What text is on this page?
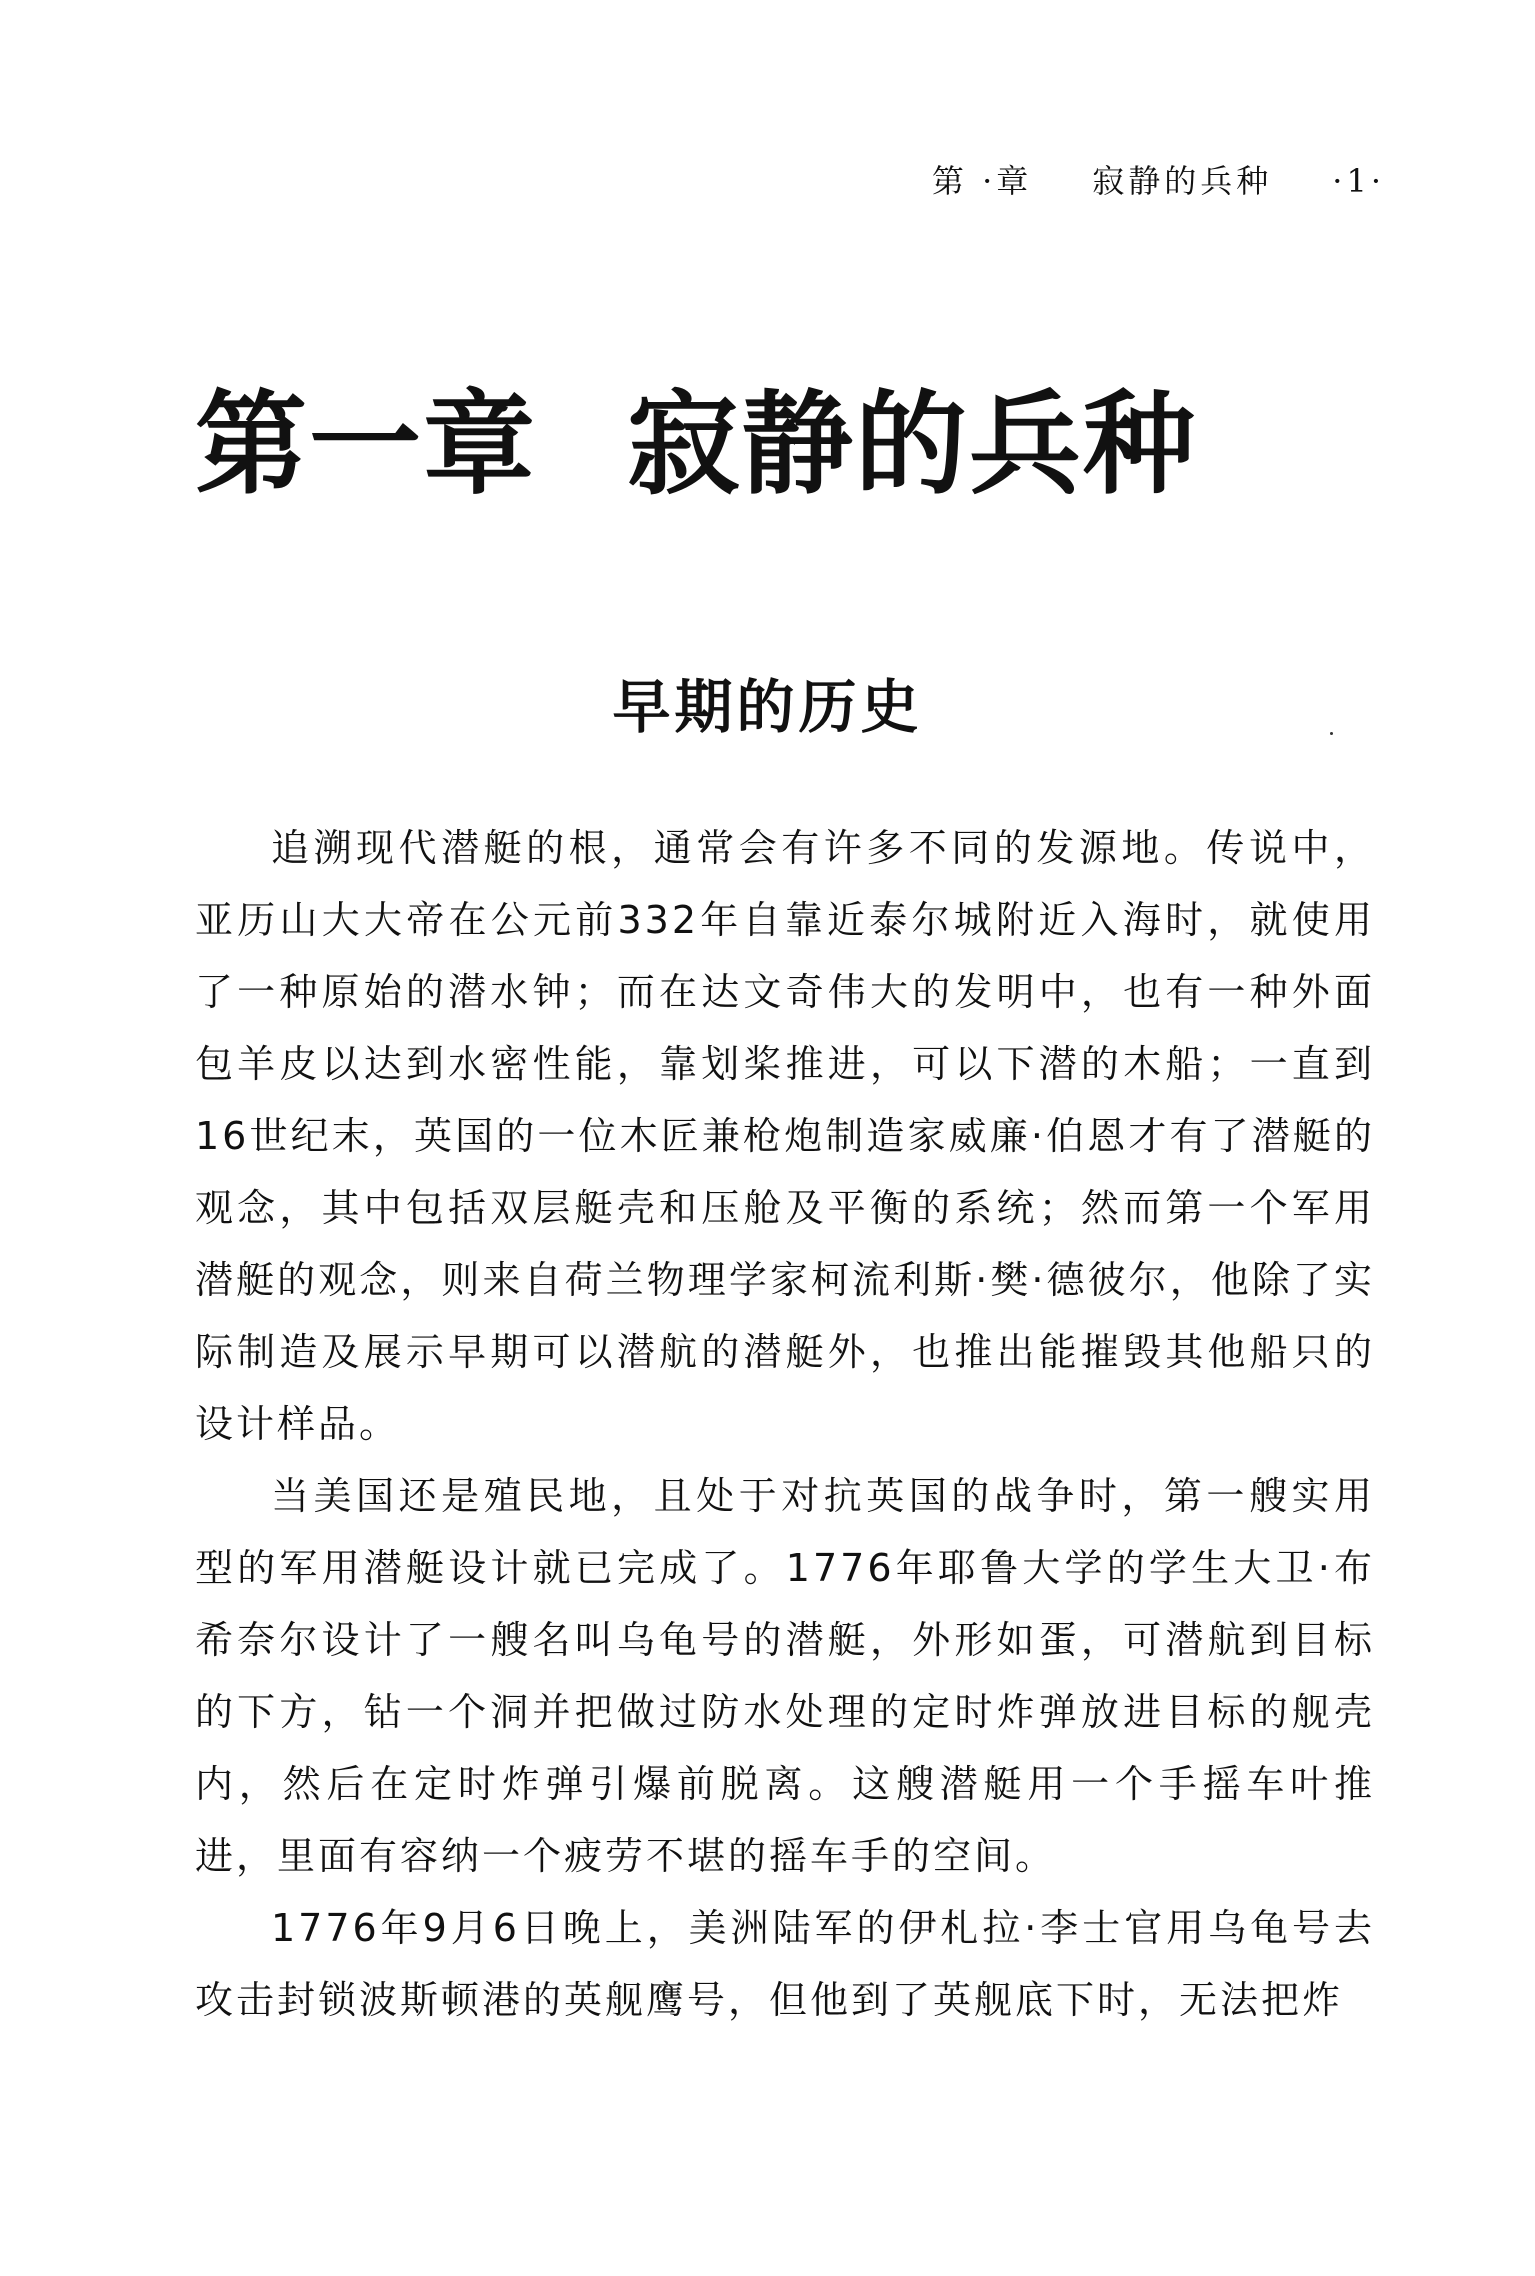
第 ·章 寂静的兵种 ·1·
第一章 寂静的兵种
早期的历史

追溯现代潜艇的根，通常会有许多不同的发源地。传说中，亚历山大大帝在公元前332年自靠近泰尔城附近入海时，就使用了一种原始的潜水钟；而在达文奇伟大的发明中，也有一种外面包羊皮以达到水密性能，靠划桨推进，可以下潜的木船；一直到16世纪末，英国的一位木匠兼枪炮制造家威廉·伯恩才有了潜艇的观念，其中包括双层艇壳和压舱及平衡的系统；然而第一个军用潜艇的观念，则来自荷兰物理学家柯流利斯·樊·德彼尔，他除了实际制造及展示早期可以潜航的潜艇外，也推出能摧毁其他船只的设计样品。

当美国还是殖民地，且处于对抗英国的战争时，第一艘实用型的军用潜艇设计就已完成了。1776年耶鲁大学的学生大卫·布希奈尔设计了一艘名叫乌龟号的潜艇，外形如蛋，可潜航到目标的下方，钻一个洞并把做过防水处理的定时炸弹放进目标的舰壳内，然后在定时炸弹引爆前脱离。这艘潜艇用一个手摇车叶推进，里面有容纳一个疲劳不堪的摇车手的空间。

1776年9月6日晚上，美洲陆军的伊札拉·李士官用乌龟号去攻击封锁波斯顿港的英舰鹰号，但他到了英舰底下时，无法把炸
